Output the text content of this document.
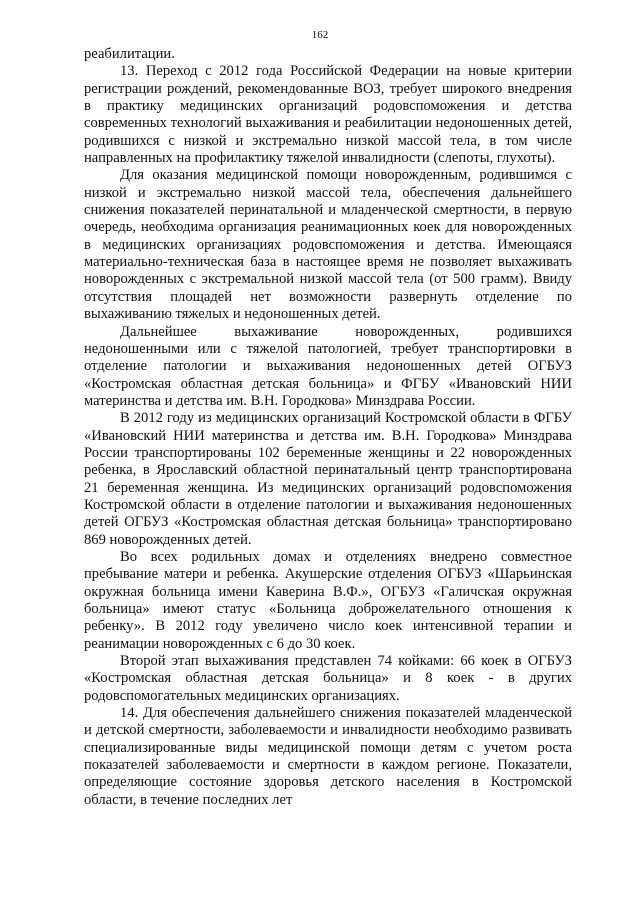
162

реабилитации.

13. Переход с 2012 года Российской Федерации на новые критерии регистрации рождений, рекомендованные ВОЗ, требует широкого внедрения в практику медицинских организаций родовспоможения и детства современных технологий выхаживания и реабилитации недоношенных детей, родившихся с низкой и экстремально низкой массой тела, в том числе направленных на профилактику тяжелой инвалидности (слепоты, глухоты).

Для оказания медицинской помощи новорожденным, родившимся с низкой и экстремально низкой массой тела, обеспечения дальнейшего снижения показателей перинатальной и младенческой смертности, в первую очередь, необходима организация реанимационных коек для новорожденных в медицинских организациях родовспоможения и детства. Имеющаяся материально-техническая база в настоящее время не позволяет выхаживать новорожденных с экстремальной низкой массой тела (от 500 грамм). Ввиду отсутствия площадей нет возможности развернуть отделение по выхаживанию тяжелых и недоношенных детей.

Дальнейшее выхаживание новорожденных, родившихся недоношенными или с тяжелой патологией, требует транспортировки в отделение патологии и выхаживания недоношенных детей ОГБУЗ «Костромская областная детская больница» и ФГБУ «Ивановский НИИ материнства и детства им. В.Н. Городкова» Минздрава России.

В 2012 году из медицинских организаций Костромской области в ФГБУ «Ивановский НИИ материнства и детства им. В.Н. Городкова» Минздрава России транспортированы 102 беременные женщины и 22 новорожденных ребенка, в Ярославский областной перинатальный центр транспортирована 21 беременная женщина. Из медицинских организаций родовспоможения Костромской области в отделение патологии и выхаживания недоношенных детей ОГБУЗ «Костромская областная детская больница» транспортировано 869 новорожденных детей.

Во всех родильных домах и отделениях внедрено совместное пребывание матери и ребенка. Акушерские отделения ОГБУЗ «Шарьинская окружная больница имени Каверина В.Ф.», ОГБУЗ «Галичская окружная больница» имеют статус «Больница доброжелательного отношения к ребенку». В 2012 году увеличено число коек интенсивной терапии и реанимации новорожденных с 6 до 30 коек.

Второй этап выхаживания представлен 74 койками: 66 коек в ОГБУЗ «Костромская областная детская больница» и 8 коек - в других родовспомогательных медицинских организациях.

14. Для обеспечения дальнейшего снижения показателей младенческой и детской смертности, заболеваемости и инвалидности необходимо развивать специализированные виды медицинской помощи детям с учетом роста показателей заболеваемости и смертности в каждом регионе. Показатели, определяющие состояние здоровья детского населения в Костромской области, в течение последних лет
